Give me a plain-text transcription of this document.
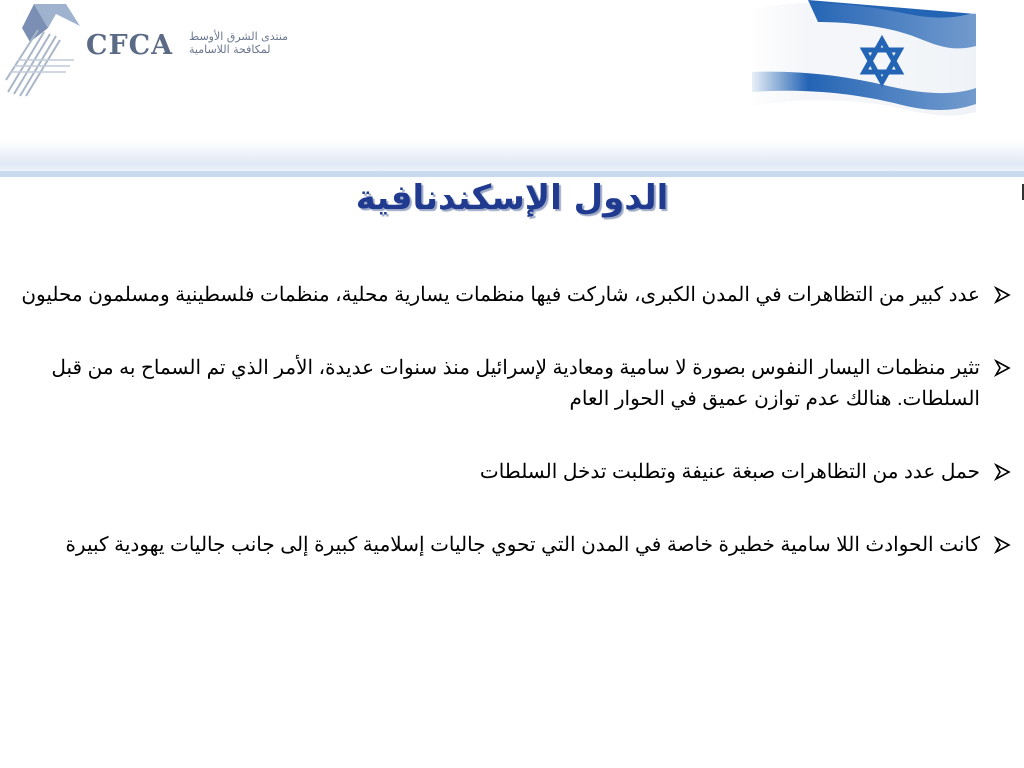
CFCA منتدى الشرق الأوسط
لمكافحة اللاسامية
الدول الإسكندنافية
عدد كبير من التظاهرات في المدن الكبرى، شاركت فيها منظمات يسارية محلية، منظمات فلسطينية ومسلمون محليون
تثير منظمات اليسار النفوس بصورة لا سامية ومعادية لإسرائيل منذ سنوات عديدة، الأمر الذي تم السماح به من قبل السلطات. هنالك عدم توازن عميق في الحوار العام
حمل عدد من التظاهرات صبغة عنيفة وتطلبت تدخل السلطات
كانت الحوادث اللا سامية خطيرة خاصة في المدن التي تحوي جاليات إسلامية كبيرة إلى جانب جاليات يهودية كبيرة
